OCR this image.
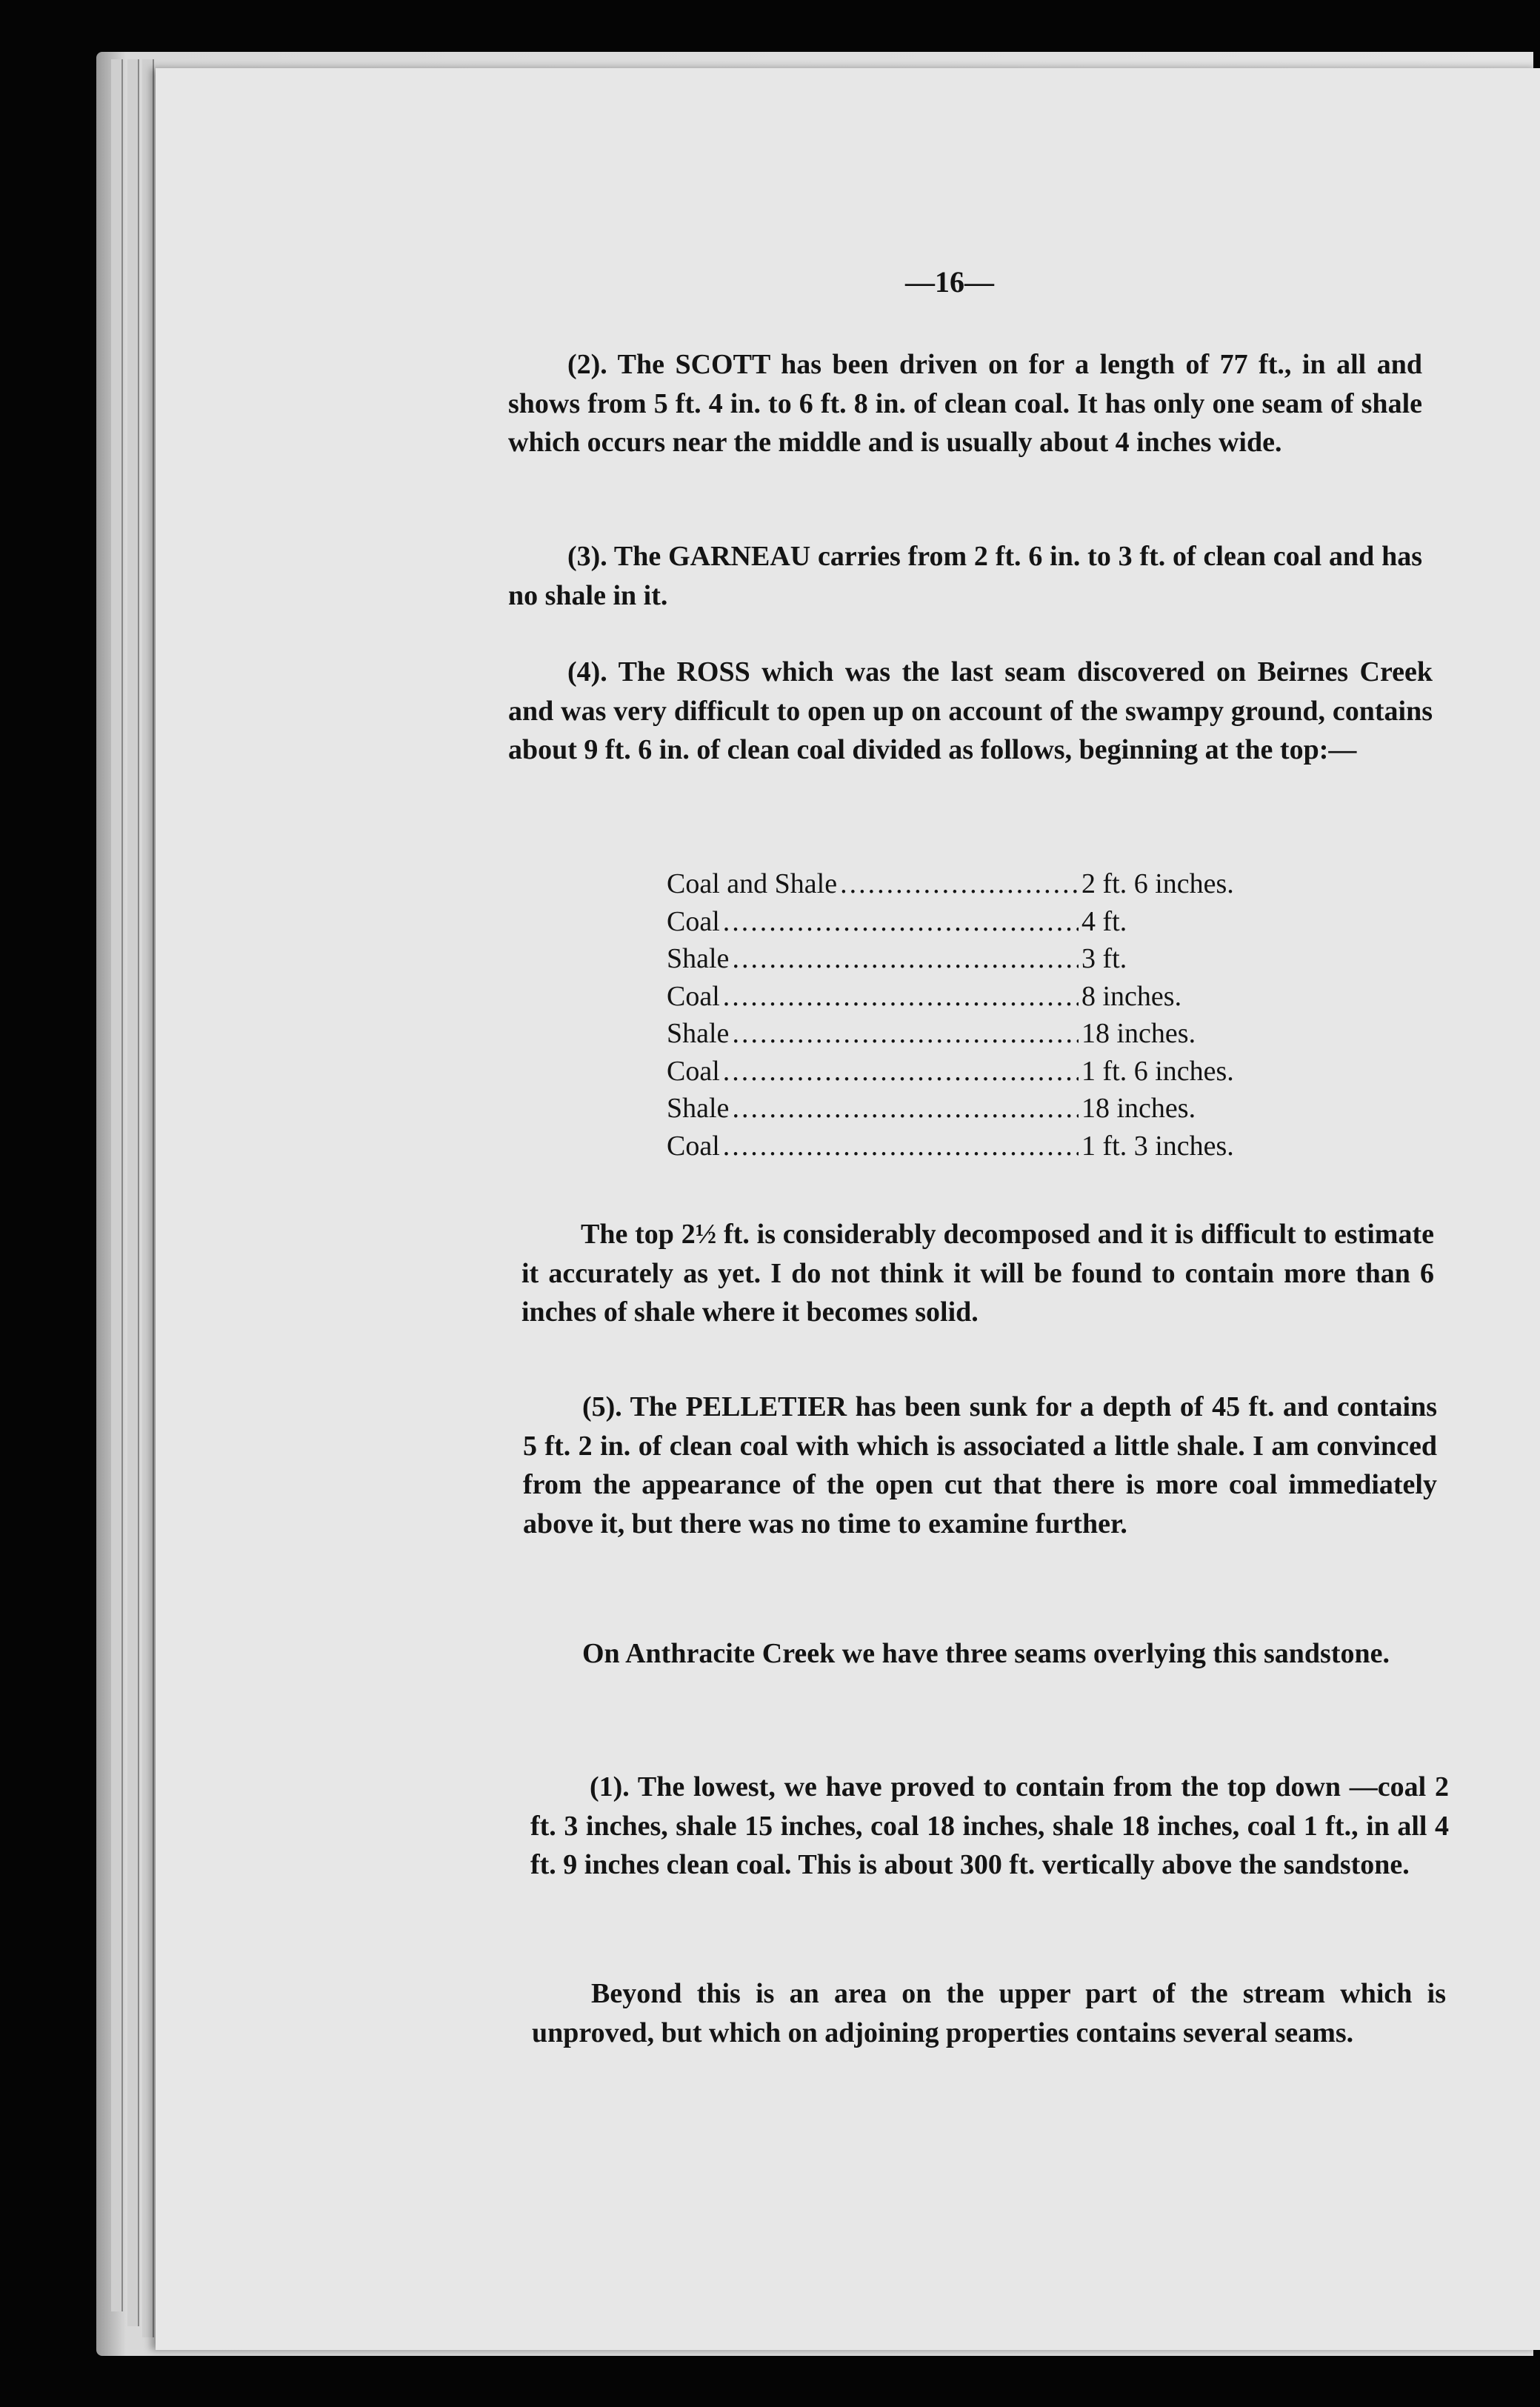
—16—

(2). The SCOTT has been driven on for a length of 77 ft., in all and shows from 5 ft. 4 in. to 6 ft. 8 in. of clean coal. It has only one seam of shale which occurs near the middle and is usually about 4 inches wide.

(3). The GARNEAU carries from 2 ft. 6 in. to 3 ft. of clean coal and has no shale in it.

(4). The ROSS which was the last seam discovered on Beirnes Creek and was very difficult to open up on account of the swampy ground, contains about 9 ft. 6 in. of clean coal divided as follows, beginning at the top:—

Coal and Shale .....	2 ft. 6 inches.
Coal .....	4 ft.
Shale .....	3 ft.
Coal .....	8 inches.
Shale .....	18 inches.
Coal .....	1 ft. 6 inches.
Shale .....	18 inches.
Coal .....	1 ft. 3 inches.

The top 2½ ft. is considerably decomposed and it is difficult to estimate it accurately as yet. I do not think it will be found to contain more than 6 inches of shale where it becomes solid.

(5). The PELLETIER has been sunk for a depth of 45 ft. and contains 5 ft. 2 in. of clean coal with which is associated a little shale. I am convinced from the appearance of the open cut that there is more coal immediately above it, but there was no time to examine further.

On Anthracite Creek we have three seams overlying this sandstone.

(1). The lowest, we have proved to contain from the top down —coal 2 ft. 3 inches, shale 15 inches, coal 18 inches, shale 18 inches, coal 1 ft., in all 4 ft. 9 inches clean coal. This is about 300 ft. vertically above the sandstone.

Beyond this is an area on the upper part of the stream which is unproved, but which on adjoining properties contains several seams.
